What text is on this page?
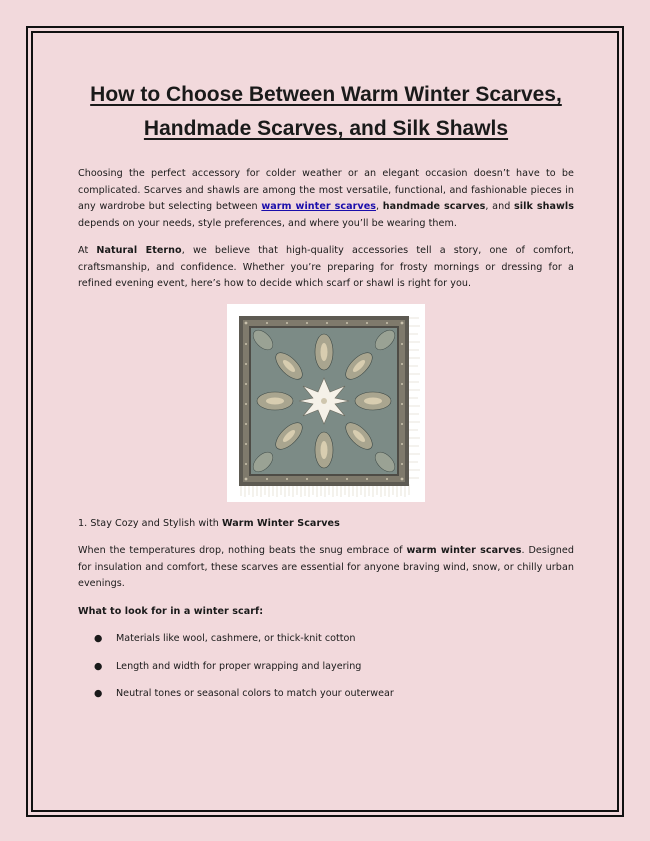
How to Choose Between Warm Winter Scarves, Handmade Scarves, and Silk Shawls

Choosing the perfect accessory for colder weather or an elegant occasion doesn’t have to be complicated. Scarves and shawls are among the most versatile, functional, and fashionable pieces in any wardrobe but selecting between warm winter scarves, handmade scarves, and silk shawls depends on your needs, style preferences, and where you’ll be wearing them.

At Natural Eterno, we believe that high-quality accessories tell a story, one of comfort, craftsmanship, and confidence. Whether you’re preparing for frosty mornings or dressing for a refined evening event, here’s how to decide which scarf or shawl is right for you.

1. Stay Cozy and Stylish with Warm Winter Scarves

When the temperatures drop, nothing beats the snug embrace of warm winter scarves. Designed for insulation and comfort, these scarves are essential for anyone braving wind, snow, or chilly urban evenings.

What to look for in a winter scarf:

● Materials like wool, cashmere, or thick-knit cotton
● Length and width for proper wrapping and layering
● Neutral tones or seasonal colors to match your outerwear
